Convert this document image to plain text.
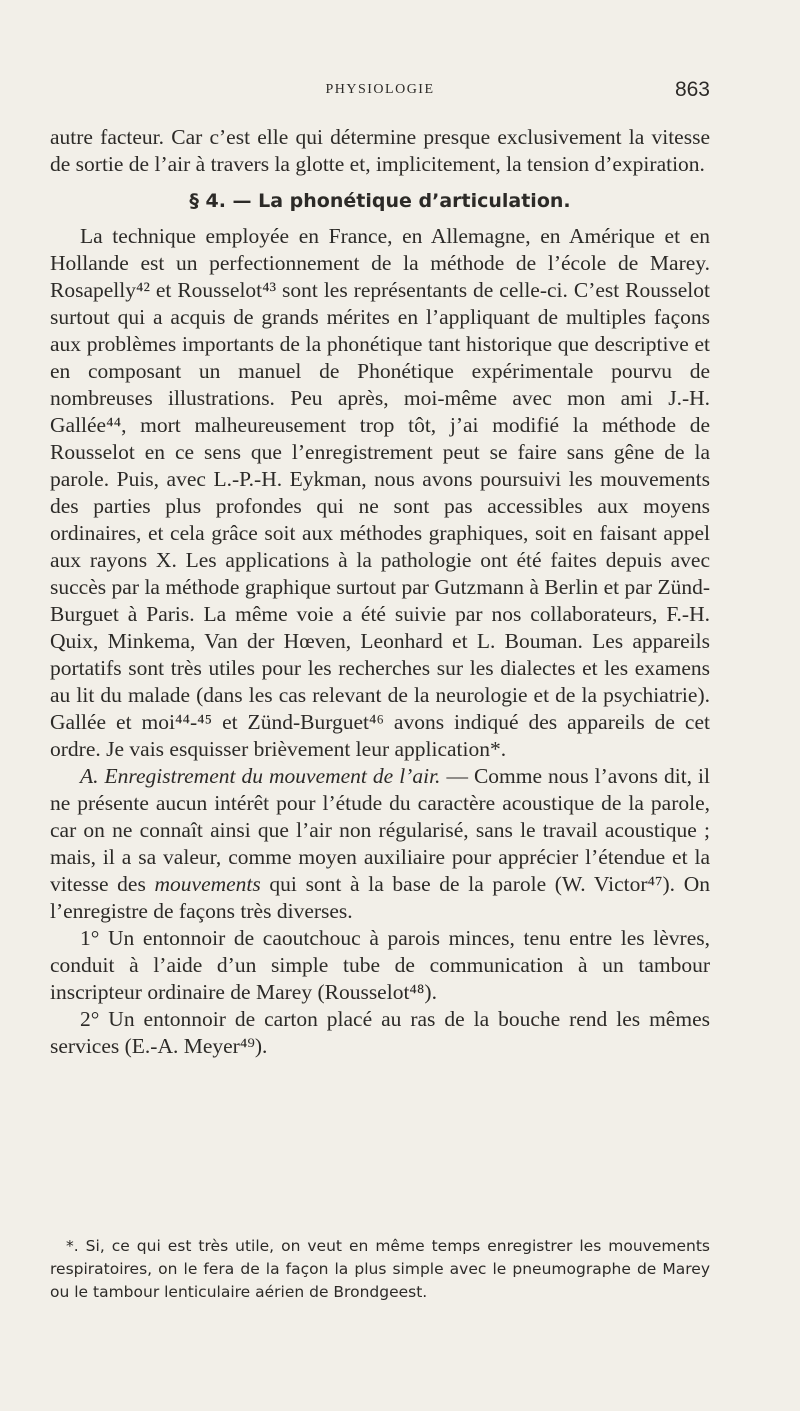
PHYSIOLOGIE	863

autre facteur. Car c’est elle qui détermine presque exclusivement la vitesse de sortie de l’air à travers la glotte et, implicitement, la tension d’expiration.

§ 4. — La phonétique d’articulation.

La technique employée en France, en Allemagne, en Amérique et en Hollande est un perfectionnement de la méthode de l’école de Marey. Rosapelly⁴² et Rousselot⁴³ sont les représentants de celle-ci. C’est Rousselot surtout qui a acquis de grands mérites en l’appliquant de multiples façons aux problèmes importants de la phonétique tant historique que descriptive et en composant un manuel de Phonétique expérimentale pourvu de nombreuses illustrations. Peu après, moi-même avec mon ami J.-H. Gallée⁴⁴, mort malheureusement trop tôt, j’ai modifié la méthode de Rousselot en ce sens que l’enregistrement peut se faire sans gêne de la parole. Puis, avec L.-P.-H. Eykman, nous avons poursuivi les mouvements des parties plus profondes qui ne sont pas accessibles aux moyens ordinaires, et cela grâce soit aux méthodes graphiques, soit en faisant appel aux rayons X. Les applications à la pathologie ont été faites depuis avec succès par la méthode graphique surtout par Gutzmann à Berlin et par Zünd-Burguet à Paris. La même voie a été suivie par nos collaborateurs, F.-H. Quix, Minkema, Van der Hœven, Leonhard et L. Bouman. Les appareils portatifs sont très utiles pour les recherches sur les dialectes et les examens au lit du malade (dans les cas relevant de la neurologie et de la psychiatrie). Gallée et moi⁴⁴-⁴⁵ et Zünd-Burguet⁴⁶ avons indiqué des appareils de cet ordre. Je vais esquisser brièvement leur application*.

A. Enregistrement du mouvement de l’air. — Comme nous l’avons dit, il ne présente aucun intérêt pour l’étude du caractère acoustique de la parole, car on ne connaît ainsi que l’air non régularisé, sans le travail acoustique ; mais, il a sa valeur, comme moyen auxiliaire pour apprécier l’étendue et la vitesse des mouvements qui sont à la base de la parole (W. Victor⁴⁷). On l’enregistre de façons très diverses.

1° Un entonnoir de caoutchouc à parois minces, tenu entre les lèvres, conduit à l’aide d’un simple tube de communication à un tambour inscripteur ordinaire de Marey (Rousselot⁴⁸).

2° Un entonnoir de carton placé au ras de la bouche rend les mêmes services (E.-A. Meyer⁴⁹).

*. Si, ce qui est très utile, on veut en même temps enregistrer les mouvements respiratoires, on le fera de la façon la plus simple avec le pneumographe de Marey ou le tambour lenticulaire aérien de Brondgeest.
